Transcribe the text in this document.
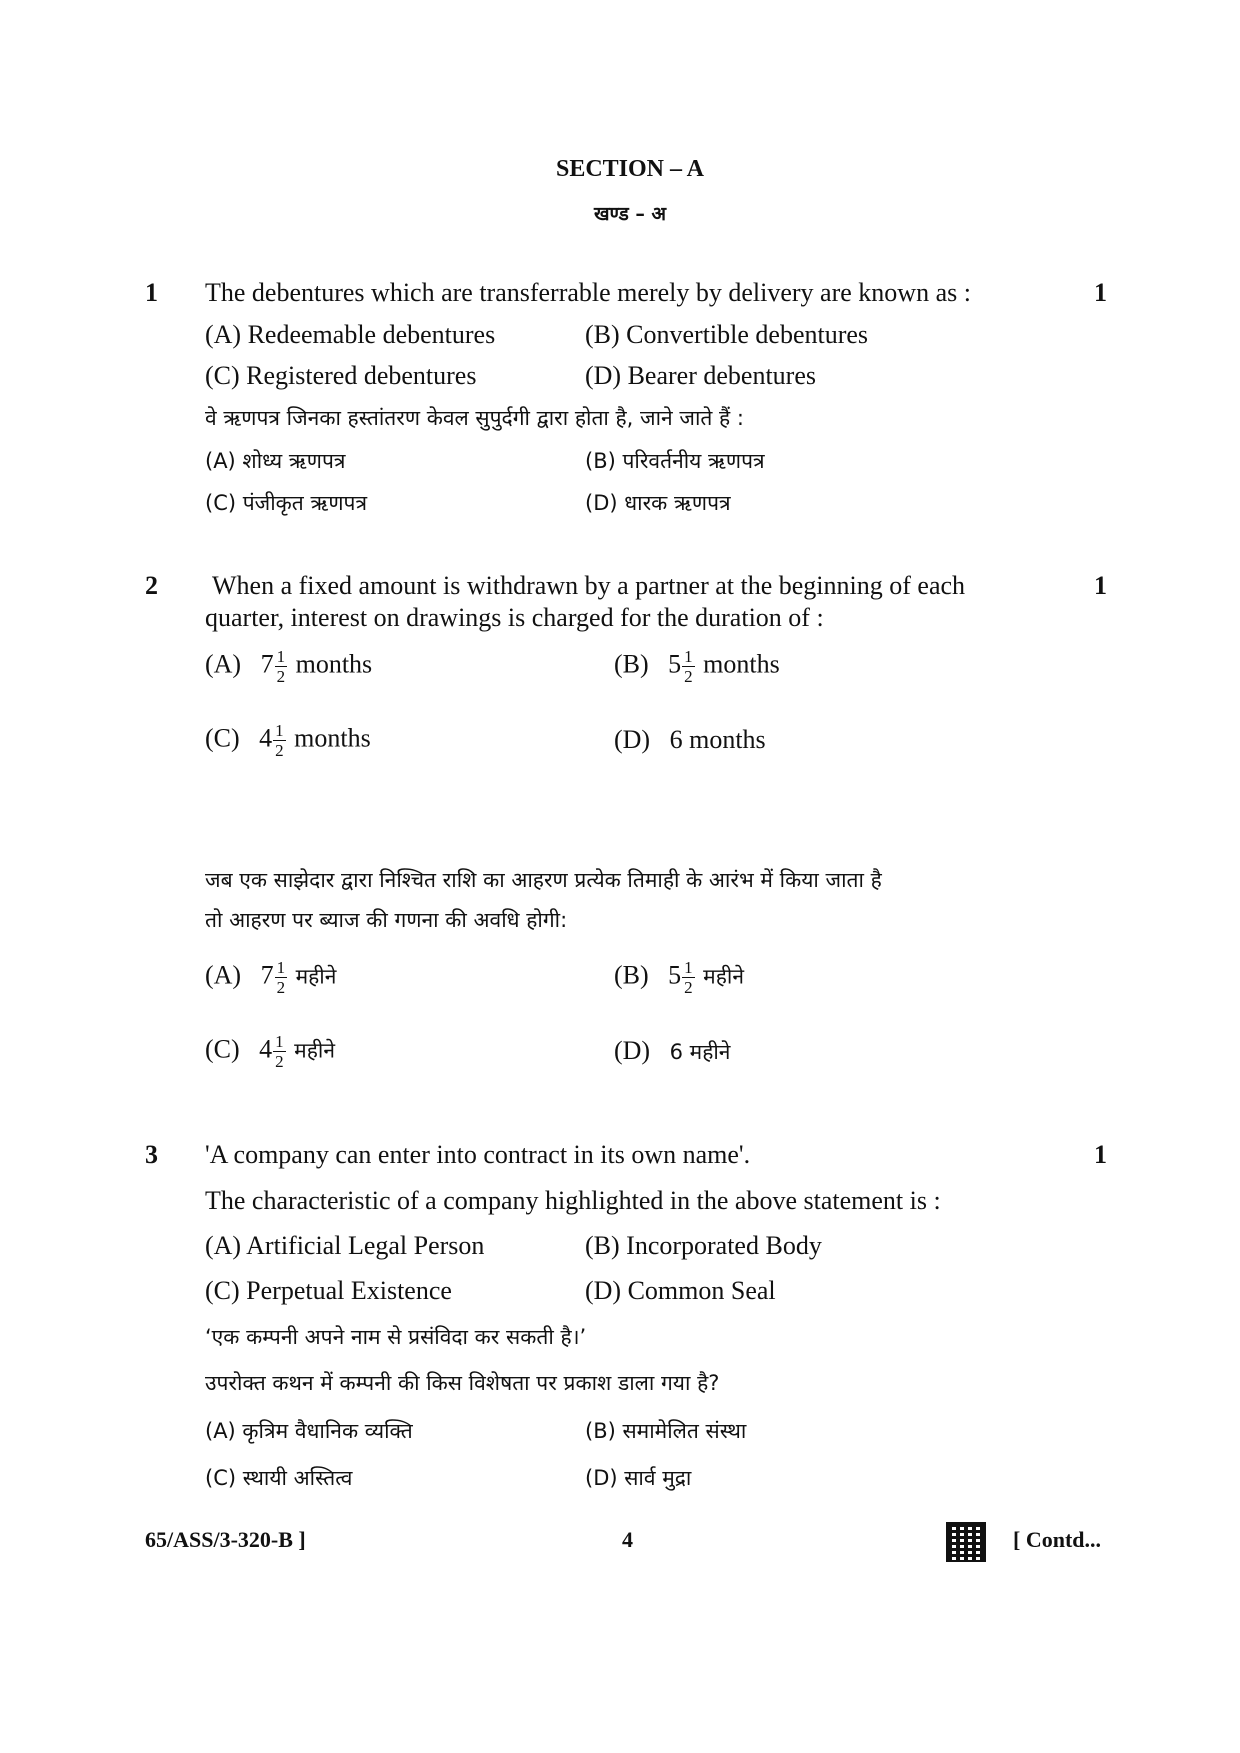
SECTION – A
खण्ड – अ
1 The debentures which are transferrable merely by delivery are known as :	1
(A) Redeemable debentures	(B) Convertible debentures
(C) Registered debentures	(D) Bearer debentures
वे ऋणपत्र जिनका हस्तांतरण केवल सुपुर्दगी द्वारा होता है, जाने जाते हैं :
(A) शोध्य ऋणपत्र	(B) परिवर्तनीय ऋणपत्र
(C) पंजीकृत ऋणपत्र	(D) धारक ऋणपत्र
2 When a fixed amount is withdrawn by a partner at the beginning of each	1
quarter, interest on drawings is charged for the duration of :
(A) $7 \frac{1}{2}$ months	(B) $5 \frac{1}{2}$ months
(C) $4 \frac{1}{2}$ months	(D) 6 months
जब एक साझेदार द्वारा निश्चित राशि का आहरण प्रत्येक तिमाही के आरंभ में किया जाता है
तो आहरण पर ब्याज की गणना की अवधि होगी:
(A) $7 \frac{1}{2}$ महीने	(B) $5 \frac{1}{2}$ महीने
(C) $4 \frac{1}{2}$ महीने	(D) 6 महीने
3 'A company can enter into contract in its own name'.	1
The characteristic of a company highlighted in the above statement is :
(A) Artificial Legal Person	(B) Incorporated Body
(C) Perpetual Existence	(D) Common Seal
‘एक कम्पनी अपने नाम से प्रसंविदा कर सकती है।’
उपरोक्त कथन में कम्पनी की किस विशेषता पर प्रकाश डाला गया है?
(A) कृत्रिम वैधानिक व्यक्ति	(B) समामेलित संस्था
(C) स्थायी अस्तित्व	(D) सार्व मुद्रा
65/ASS/3-320-B ]	4	[ Contd...
